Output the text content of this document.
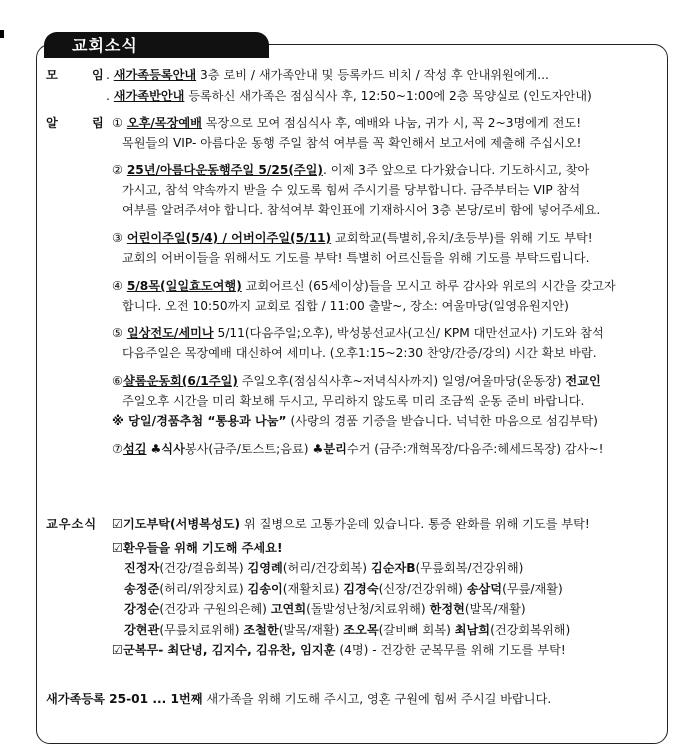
교회소식
모	임 . 새가족등록안내 3층 로비 / 새가족안내 및 등록카드 비치 / 작성 후 안내위원에게...
. 새가족반안내 등록하신 새가족은 점심식사 후, 12:50~1:00에 2층 목양실로 (인도자안내)
알	림 ① 오후/목장예배 목장으로 모여 점심식사 후, 예배와 나눔, 귀가 시, 꼭 2~3명에게 전도!
목원들의 VIP- 아름다운 동행 주일 참석 여부를 꼭 확인해서 보고서에 제출해 주십시오!
② 25년/아름다운동행주일 5/25(주일). 이제 3주 앞으로 다가왔습니다. 기도하시고, 찾아
가시고, 참석 약속까지 받을 수 있도록 힘써 주시기를 당부합니다. 금주부터는 VIP 참석
여부를 알려주셔야 합니다. 참석여부 확인표에 기재하시어 3층 본당/로비 함에 넣어주세요.
③ 어린이주일(5/4) / 어버이주일(5/11) 교회학교(특별히,유치/초등부)를 위해 기도 부탁!
교회의 어버이들을 위해서도 기도를 부탁! 특별히 어르신들을 위해 기도를 부탁드립니다.
④ 5/8목(일일효도여행) 교회어르신 (65세이상)들을 모시고 하루 감사와 위로의 시간을 갖고자
합니다. 오전 10:50까지 교회로 집합 / 11:00 출발~, 장소: 여울마당(일영유원지안)
⑤ 일상전도/세미나 5/11(다음주일;오후), 박성봉선교사(고신/ KPM 대만선교사) 기도와 참석
다음주일은 목장예배 대신하여 세미나. (오후1:15~2:30 찬양/간증/강의) 시간 확보 바람.
⑥샬롬운동회(6/1주일) 주일오후(점심식사후~저녁식사까지) 일영/여울마당(운동장) 전교인
주일오후 시간을 미리 확보해 두시고, 무리하지 않도록 미리 조금씩 운동 준비 바랍니다.
※ 당일/경품추첨 “통용과 나눔” (사랑의 경품 기증을 받습니다. 넉넉한 마음으로 섬김부탁)
⑦섬김 ♣식사봉사(금주/토스트;음료) ♣분리수거 (금주:개혁목장/다음주:헤세드목장) 감사~!
교우소식 ☑기도부탁(서병복성도) 위 질병으로 고통가운데 있습니다. 통증 완화를 위해 기도를 부탁!
☑환우들을 위해 기도해 주세요!
진정자(건강/걸음회복) 김영례(허리/건강회복) 김순자B(무릎회복/건강위해)
송정준(허리/위장치료) 김송이(재활치료) 김경숙(신장/건강위해) 송삼덕(무릎/재활)
강정순(건강과 구원의은혜) 고연희(돌발성난청/치료위해) 한정현(발목/재활)
강현관(무릎치료위해) 조철한(발목/재활) 조오목(갈비뼈 회복) 최남희(건강회복위해)
☑군복무- 최단녕, 김지수, 김유찬, 임지훈 (4명) - 건강한 군복무를 위해 기도를 부탁!
새가족등록 25-01 ... 1번째 새가족을 위해 기도해 주시고, 영혼 구원에 힘써 주시길 바랍니다.
